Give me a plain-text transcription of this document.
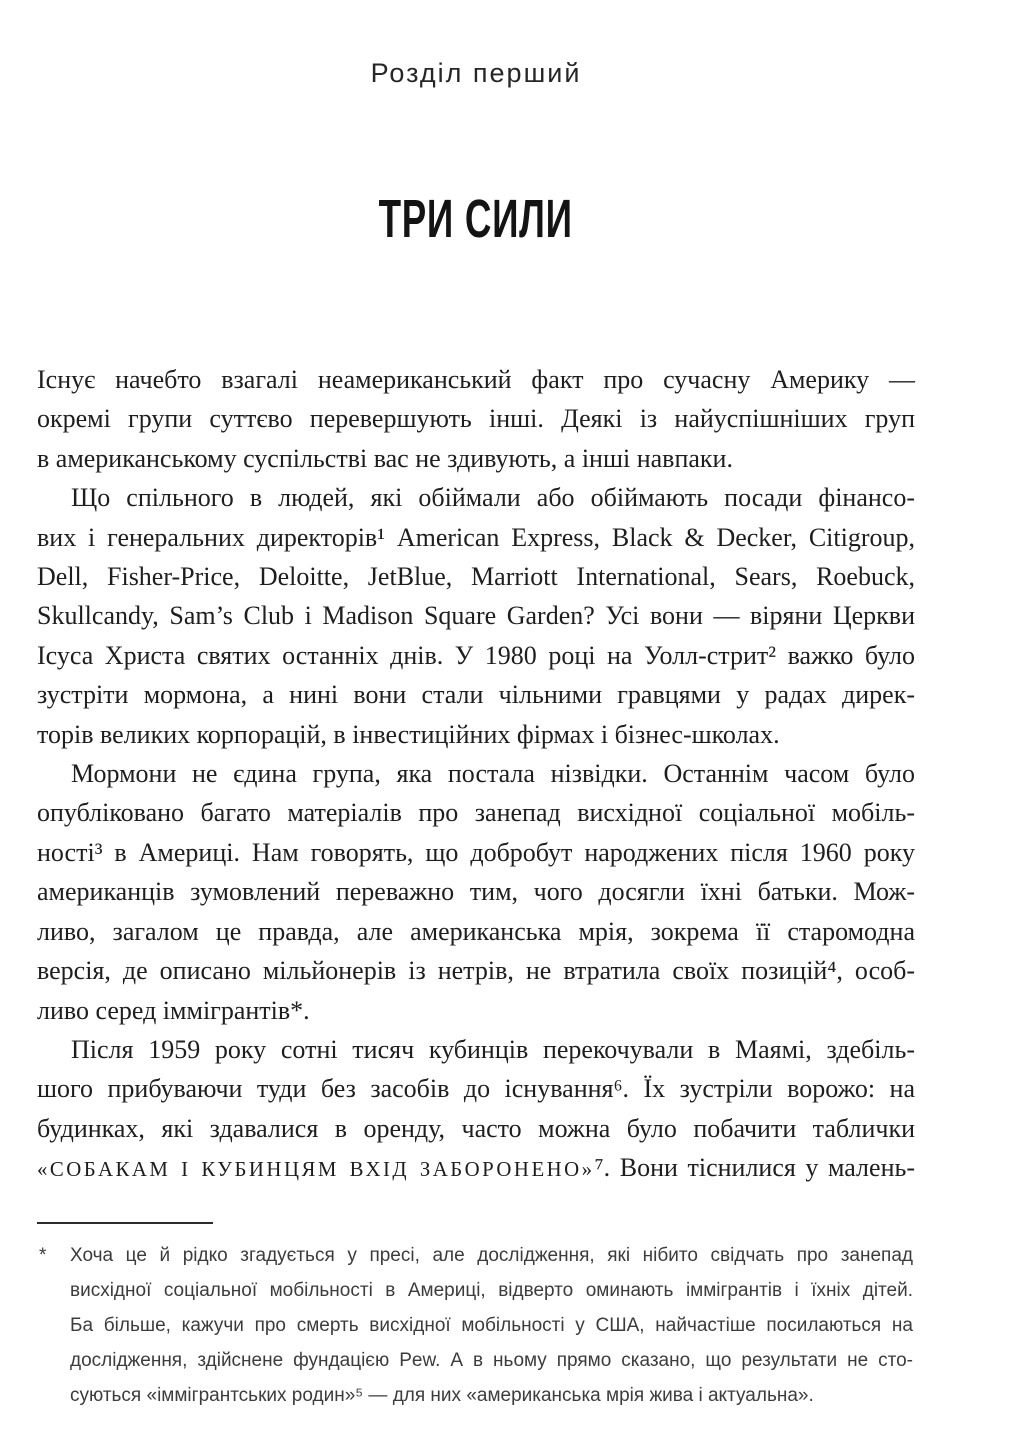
Розділ перший
ТРИ СИЛИ
Існує начебто взагалі неамериканський факт про сучасну Америку —
окремі групи суттєво перевершують інші. Деякі із найуспішніших груп
в американському суспільстві вас не здивують, а інші навпаки.
Що спільного в людей, які обіймали або обіймають посади фінансо-
вих і генеральних директорів¹ American Express, Black & Decker, Citigroup,
Dell, Fisher-Price, Deloitte, JetBlue, Marriott International, Sears, Roebuck,
Skullcandy, Sam’s Club і Madison Square Garden? Усі вони — віряни Церкви
Ісуса Христа святих останніх днів. У 1980 році на Уолл-стрит² важко було
зустріти мормона, а нині вони стали чільними гравцями у радах дирек-
торів великих корпорацій, в інвестиційних фірмах і бізнес-школах.
Мормони не єдина група, яка постала нізвідки. Останнім часом було
опубліковано багато матеріалів про занепад висхідної соціальної мобіль-
ності³ в Америці. Нам говорять, що добробут народжених після 1960 року
американців зумовлений переважно тим, чого досягли їхні батьки. Мож-
ливо, загалом це правда, але американська мрія, зокрема її старомодна
версія, де описано мільйонерів із нетрів, не втратила своїх позицій⁴, особ-
ливо серед іммігрантів*.
Після 1959 року сотні тисяч кубинців перекочували в Маямі, здебіль-
шого прибуваючи туди без засобів до існування⁶. Їх зустріли ворожо: на
будинках, які здавалися в оренду, часто можна було побачити таблички
«СОБАКАМ І КУБИНЦЯМ ВХІД ЗАБОРОНЕНО»⁷. Вони тіснилися у малень-
* Хоча це й рідко згадується у пресі, але дослідження, які нібито свідчать про занепад
висхідної соціальної мобільності в Америці, відверто оминають іммігрантів і їхніх дітей.
Ба більше, кажучи про смерть висхідної мобільності у США, найчастіше посилаються на
дослідження, здійснене фундацією Pew. А в ньому прямо сказано, що результати не сто-
суються «іммігрантських родин»⁵ — для них «американська мрія жива і актуальна».
